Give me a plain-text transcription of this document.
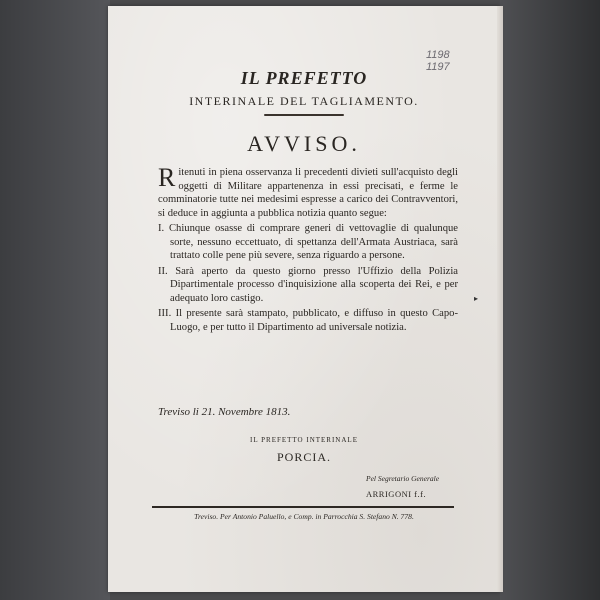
1198
1197
IL PREFETTO
INTERINALE DEL TAGLIAMENTO.
AVVISO.

Ritenuti in piena osservanza li precedenti divieti sull'acquisto degli oggetti di Militare appartenenza in essi precisati, e ferme le comminatorie tutte nei medesimi espresse a carico dei Contravventori, si deduce in aggiunta a pubblica notizia quanto segue:

I. Chiunque osasse di comprare generi di vettovaglie di qualunque sorte, nessuno eccettuato, di spettanza dell'Armata Austriaca, sarà trattato colle pene più severe, senza riguardo a persone.

II. Sarà aperto da questo giorno presso l'Uffizio della Polizia Dipartimentale processo d'inquisizione alla scoperta dei Rei, e per adequato loro castigo.

III. Il presente sarà stampato, pubblicato, e diffuso in questo Capo-Luogo, e per tutto il Dipartimento ad universale notizia.

▸
Treviso li 21. Novembre 1813.
IL PREFETTO INTERINALE
PORCIA.
Pel Segretario Generale
ARRIGONI f.f.
Treviso. Per Antonio Paluello, e Comp. in Parrocchia S. Stefano N. 778.
